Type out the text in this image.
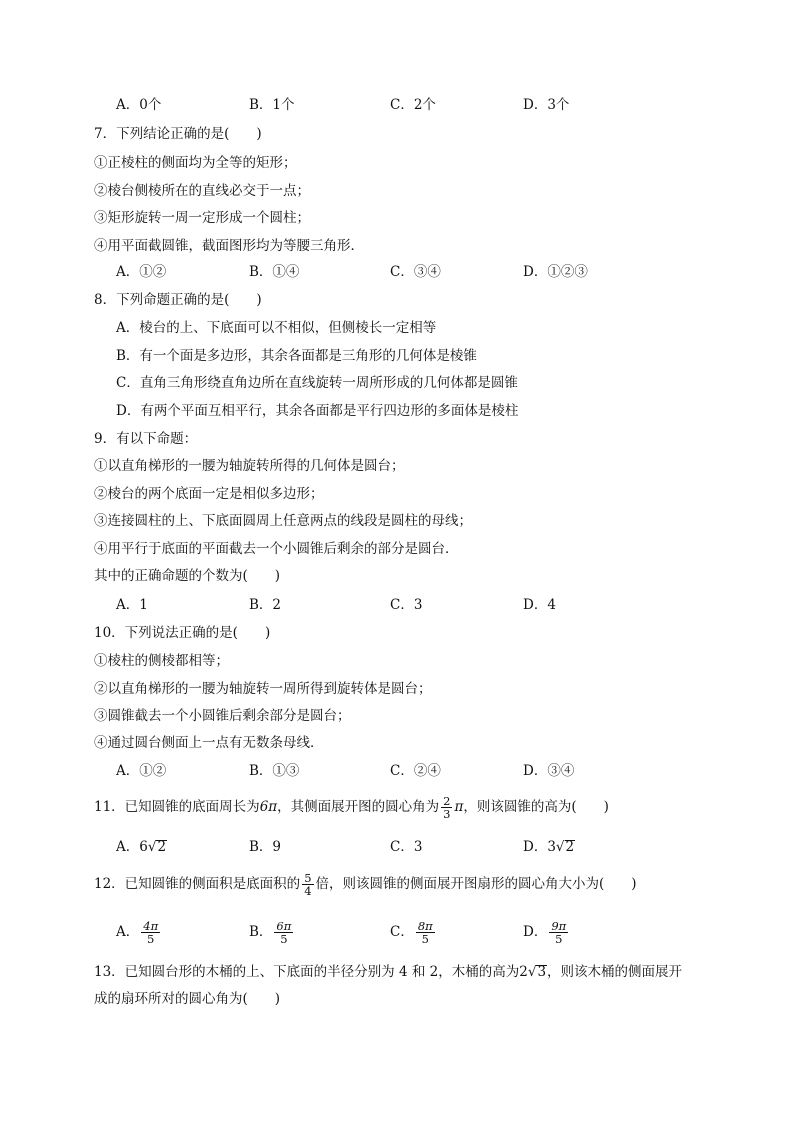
A．0个	B．1个	C．2个	D．3个
7．下列结论正确的是(　　)
①正棱柱的侧面均为全等的矩形；
②棱台侧棱所在的直线必交于一点；
③矩形旋转一周一定形成一个圆柱；
④用平面截圆锥，截面图形均为等腰三角形．
A．①②	B．①④	C．③④	D．①②③
8．下列命题正确的是(　　)
A．棱台的上、下底面可以不相似，但侧棱长一定相等
B．有一个面是多边形，其余各面都是三角形的几何体是棱锥
C．直角三角形绕直角边所在直线旋转一周所形成的几何体都是圆锥
D．有两个平面互相平行，其余各面都是平行四边形的多面体是棱柱
9．有以下命题：
①以直角梯形的一腰为轴旋转所得的几何体是圆台；
②棱台的两个底面一定是相似多边形；
③连接圆柱的上、下底面圆周上任意两点的线段是圆柱的母线；
④用平行于底面的平面截去一个小圆锥后剩余的部分是圆台．
其中的正确命题的个数为(　　)
A．1	B．2	C．3	D．4
10．下列说法正确的是(　　)
①棱柱的侧棱都相等；
②以直角梯形的一腰为轴旋转一周所得到旋转体是圆台；
③圆锥截去一个小圆锥后剩余部分是圆台；
④通过圆台侧面上一点有无数条母线．
A．①②	B．①③	C．②④	D．③④
11．已知圆锥的底面周长为6π，其侧面展开图的圆心角为 $\frac{2}{3}$ π，则该圆锥的高为(　　)
A．6√2	B．9	C．3	D．3√2
12．已知圆锥的侧面积是底面积的 $\frac{5}{4}$ 倍，则该圆锥的侧面展开图扇形的圆心角大小为(　　)
A． $\frac{4\pi}{5}$	B． $\frac{6\pi}{5}$	C． $\frac{8\pi}{5}$	D． $\frac{9\pi}{5}$
13．已知圆台形的木桶的上、下底面的半径分别为 4 和 2，木桶的高为2√3，则该木桶的侧面展开
成的扇环所对的圆心角为(　　)
